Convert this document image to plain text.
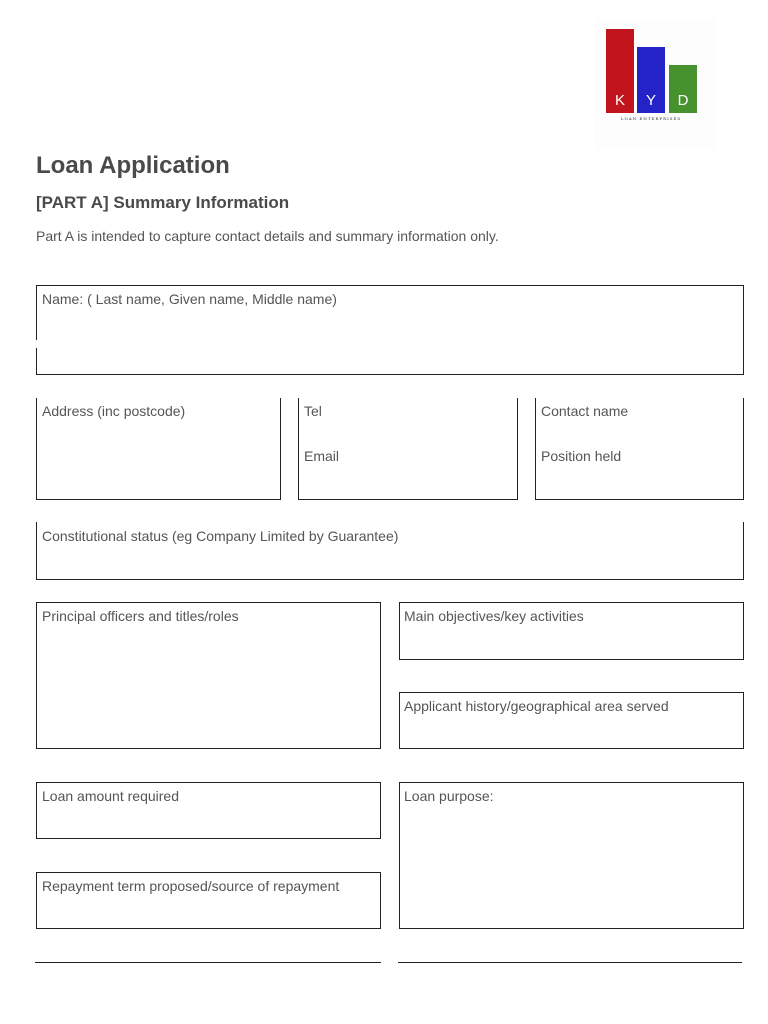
K	Y	D
LOAN ENTERPRISES
Loan Application
[PART A] Summary Information

Part A is intended to capture contact details and summary information only.

Name: ( Last name, Given name, Middle name)
Address (inc postcode)	Tel
Email
Contact name
Position held
Constitutional status (eg Company Limited by Guarantee)
Principal officers and titles/roles	Main objectives/key activities
Applicant history/geographical area served
Loan amount required	Loan purpose:
Repayment term proposed/source of repayment
